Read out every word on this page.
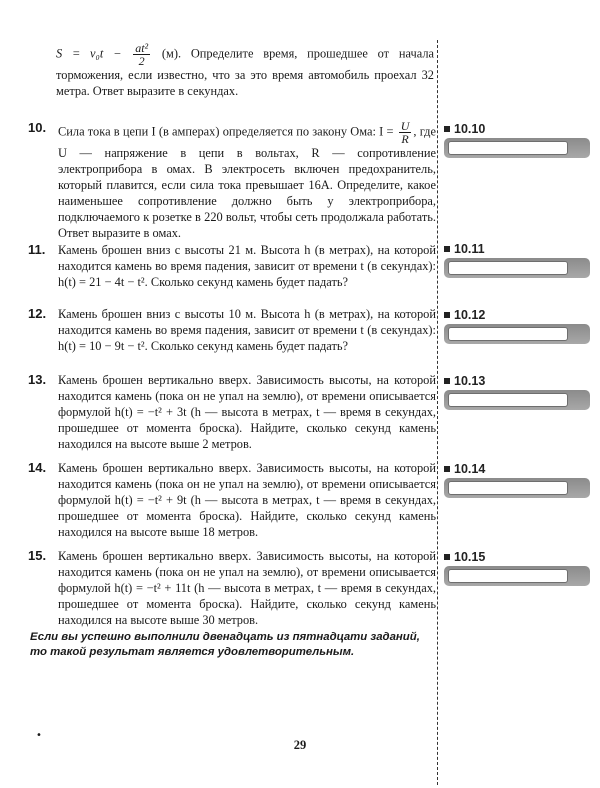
$S = v_0t - \frac{\text{at²}}{2} (м)$. Определите время, прошедшее от начала торможения, если известно, что за это время автомобиль проехал 32 метра. Ответ выразите в секундах.
10. Сила тока в цепи I (в амперах) определяется по закону Ома: $I = \frac{U}{R}$ , где U — напряжение в цепи в вольтах, R — сопротивление электроприбора в омах. В электросеть включен предохранитель, который плавится, если сила тока превышает 16А. Определите, какое наименьшее сопротивление должно быть у электроприбора, подключаемого к розетке в 220 вольт, чтобы сеть продолжала работать. Ответ выразите в омах.
11.	Камень брошен вниз с высоты 21 м. Высота h (в метрах), на которой находится камень во время падения, зависит от времени t (в секундах): h(t) = 21 − 4t − t². Сколько секунд камень будет падать?
12. Камень брошен вниз с высоты 10 м. Высота h (в метрах), на которой находится камень во время падения, зависит от времени t (в секундах): h(t) = 10 − 9t − t². Сколько секунд камень будет падать?
13. Камень брошен вертикально вверх. Зависимость высоты, на которой находится камень (пока он не упал на землю), от времени описывается формулой h(t) = −t² + 3t (h — высота в метрах, t — время в секундах, прошедшее от момента броска). Найдите, сколько секунд камень находился на высоте выше 2 метров.
14. Камень брошен вертикально вверх. Зависимость высоты, на которой находится камень (пока он не упал на землю), от времени описывается формулой h(t) = −t² + 9t (h — высота в метрах, t — время в секундах, прошедшее от момента броска). Найдите, сколько секунд камень находился на высоте выше 18 метров.
15. Камень брошен вертикально вверх. Зависимость высоты, на которой находится камень (пока он не упал на землю), от времени описывается формулой h(t) = −t² + 11t (h — высота в метрах, t — время в секундах, прошедшее от момента броска). Найдите, сколько секунд камень находился на высоте выше 30 метров.
10.10
10.11
10.12
10.13
10.14
10.15
Если вы успешно выполнили двенадцать из пятнадцати заданий, то такой результат является удовлетворительным.
•
29
